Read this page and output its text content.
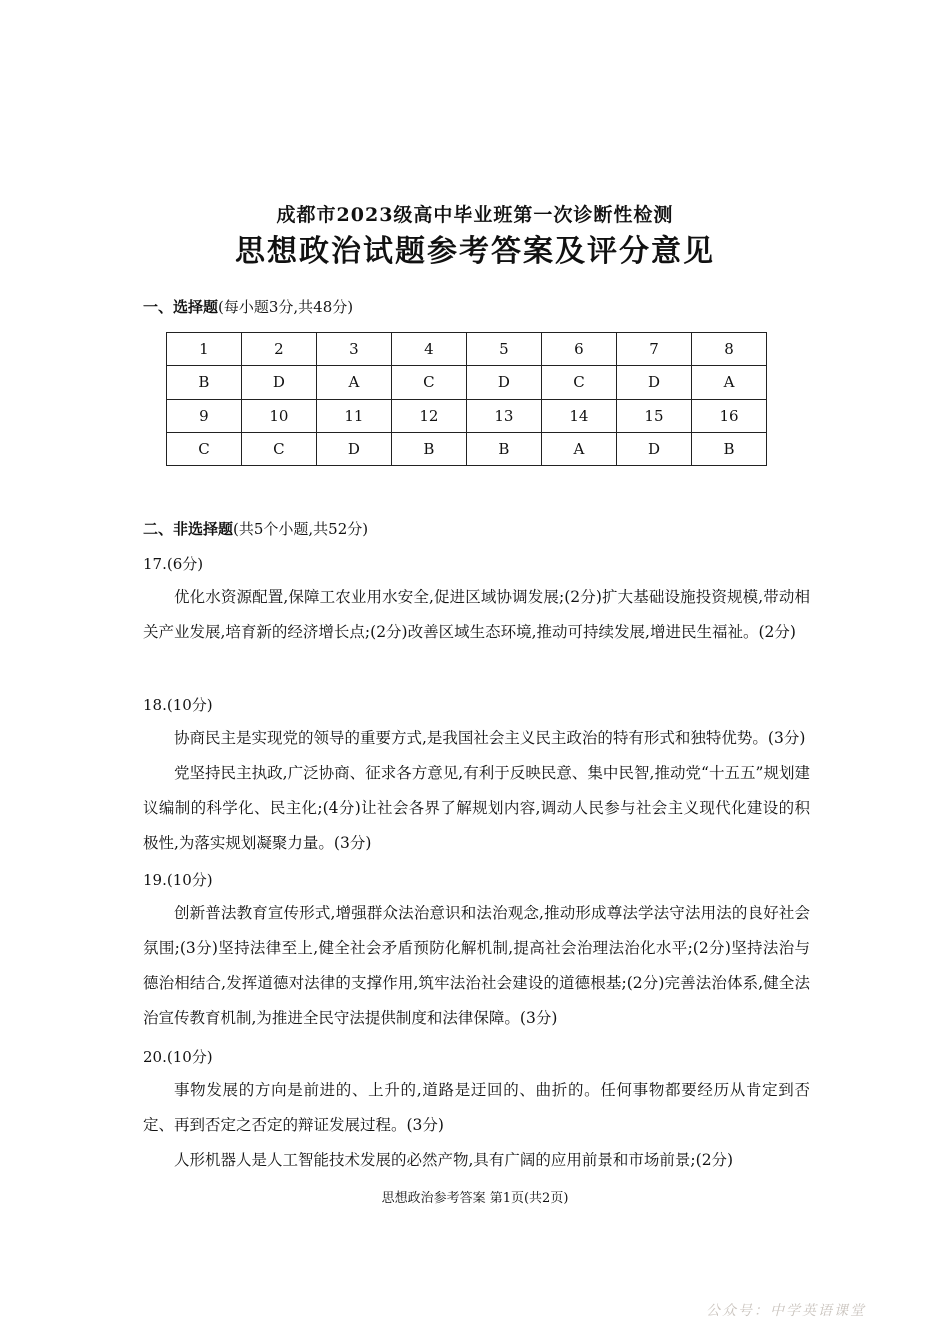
成都市2023级高中毕业班第一次诊断性检测
思想政治试题参考答案及评分意见
一、选择题(每小题3分,共48分)
1	2	3	4	5	6	7	8
B	D	A	C	D	C	D	A
9	10	11	12	13	14	15	16
C	C	D	B	B	A	D	B
二、非选择题(共5个小题,共52分)
17.(6分)

优化水资源配置,保障工农业用水安全,促进区域协调发展;(2分)扩大基础设施投资规模,带动相关产业发展,培育新的经济增长点;(2分)改善区域生态环境,推动可持续发展,增进民生福祉。(2分)

18.(10分)

协商民主是实现党的领导的重要方式,是我国社会主义民主政治的特有形式和独特优势。(3分)

党坚持民主执政,广泛协商、征求各方意见,有利于反映民意、集中民智,推动党“十五五”规划建议编制的科学化、民主化;(4分)让社会各界了解规划内容,调动人民参与社会主义现代化建设的积极性,为落实规划凝聚力量。(3分)

19.(10分)

创新普法教育宣传形式,增强群众法治意识和法治观念,推动形成尊法学法守法用法的良好社会氛围;(3分)坚持法律至上,健全社会矛盾预防化解机制,提高社会治理法治化水平;(2分)坚持法治与德治相结合,发挥道德对法律的支撑作用,筑牢法治社会建设的道德根基;(2分)完善法治体系,健全法治宣传教育机制,为推进全民守法提供制度和法律保障。(3分)

20.(10分)

事物发展的方向是前进的、上升的,道路是迂回的、曲折的。任何事物都要经历从肯定到否定、再到否定之否定的辩证发展过程。(3分)

人形机器人是人工智能技术发展的必然产物,具有广阔的应用前景和市场前景;(2分)

思想政治参考答案 第1页(共2页)
公众号：中学英语课堂
